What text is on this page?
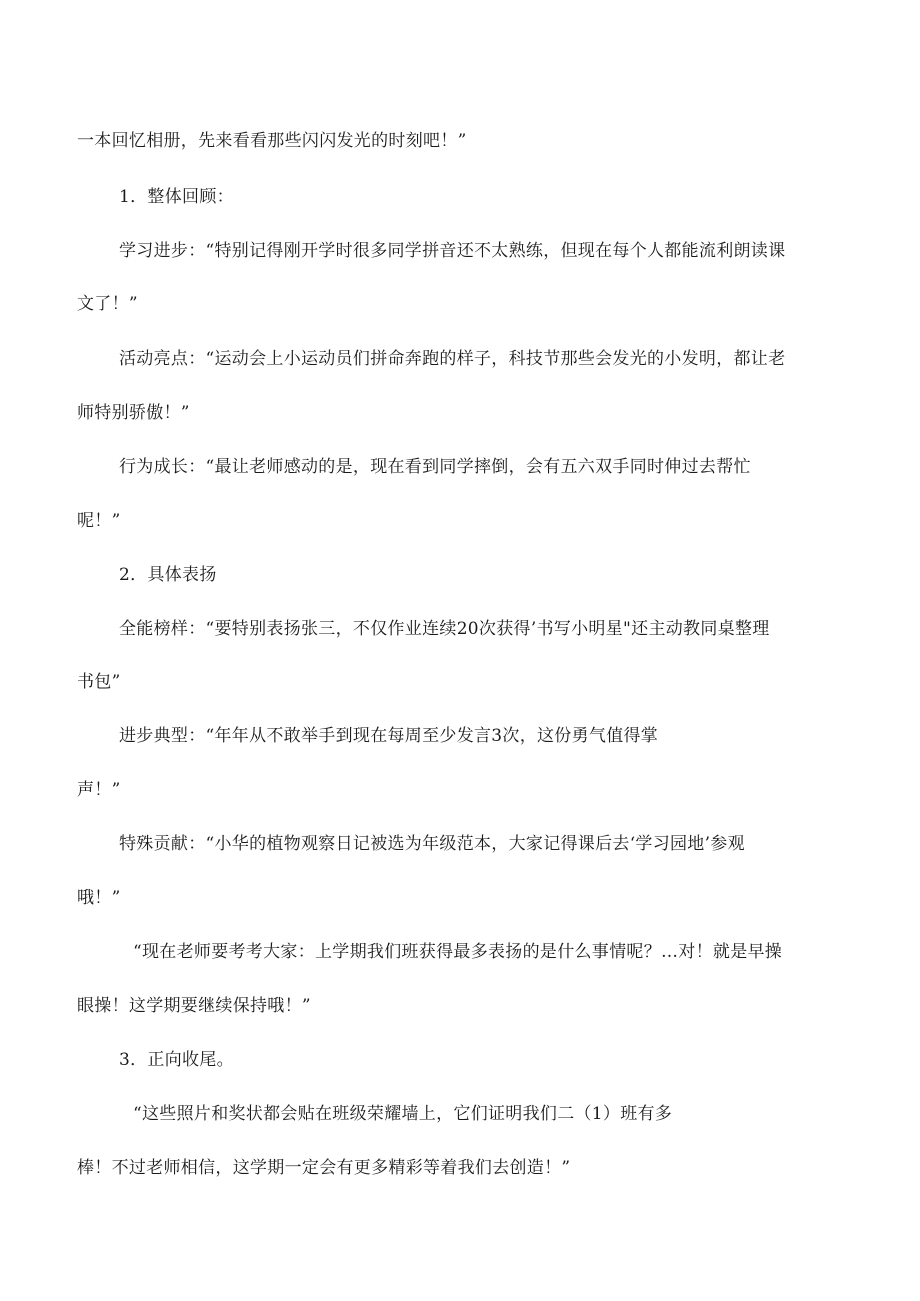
一本回忆相册，先来看看那些闪闪发光的时刻吧！”
1．整体回顾：
学习进步：“特别记得刚开学时很多同学拼音还不太熟练，但现在每个人都能流利朗读课
文了！”
活动亮点：“运动会上小运动员们拼命奔跑的样子，科技节那些会发光的小发明，都让老
师特别骄傲！”
行为成长：“最让老师感动的是，现在看到同学摔倒，会有五六双手同时伸过去帮忙
呢！”
2．具体表扬
全能榜样：“要特别表扬张三，不仅作业连续20次获得’书写小明星"还主动教同桌整理
书包”
进步典型：“年年从不敢举手到现在每周至少发言3次，这份勇气值得掌
声！”
特殊贡献：“小华的植物观察日记被选为年级范本，大家记得课后去‘学习园地’参观
哦！”
“现在老师要考考大家：上学期我们班获得最多表扬的是什么事情呢？…对！就是早操
眼操！这学期要继续保持哦！”
3．正向收尾。
“这些照片和奖状都会贴在班级荣耀墙上，它们证明我们二（1）班有多
棒！不过老师相信，这学期一定会有更多精彩等着我们去创造！”
